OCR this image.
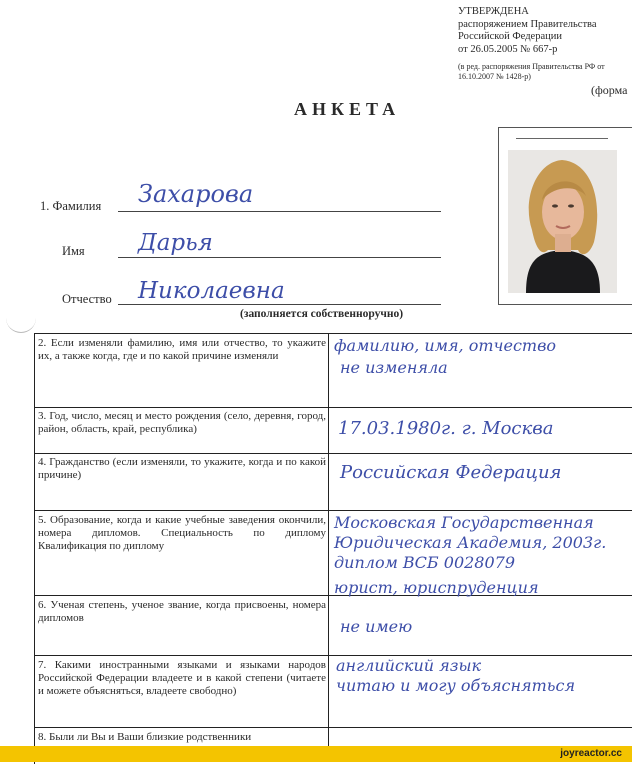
УТВЕРЖДЕНА
распоряжением Правительства
Российской Федерации
от 26.05.2005 № 667-р
(в ред. распоряжения Правительства РФ от
16.10.2007 № 1428-р)
(форма
АНКЕТА
1. Фамилия Захарова
Имя Дарья
Отчество Николаевна
(заполняется собственноручно)
2. Если изменяли фамилию, имя или отчество, то укажите их, а также когда, где и по какой причине изменяли
3. Год, число, месяц и место рождения (село, деревня, город, район, область, край, республика)
4. Гражданство (если изменяли, то укажите, когда и по какой причине)
5. Образование, когда и какие учебные заведения окончили, номера дипломов. Специальность по диплому Квалификация по диплому
6. Ученая степень, ученое звание, когда присвоены, номера дипломов
7. Какими иностранными языками и языками народов Российской Федерации владеете и в какой степени (читаете и можете объясняться, владеете свободно)
8. Были ли Вы и Ваши близкие родственники
фамилию, имя, отчество
не изменяла
17.03.1980г. г. Москва
Российская Федерация
Московская Государственная
Юридическая Академия, 2003г.
диплом ВСБ 0028079
юрист, юриспруденция
не имею
английский язык
читаю и могу объясняться
joyreactor.cc
